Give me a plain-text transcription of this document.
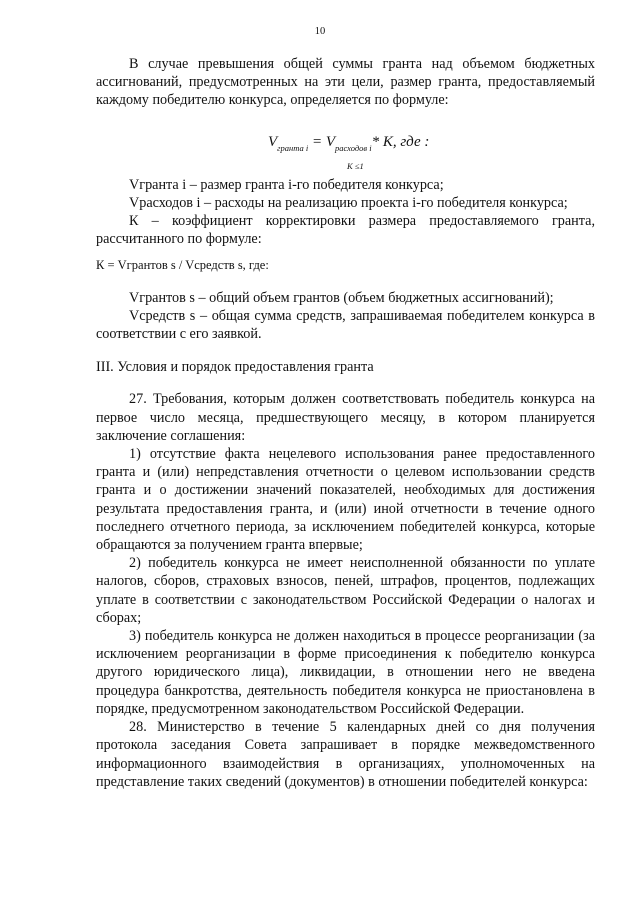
10

В случае превышения общей суммы гранта над объемом бюджетных ассигнований, предусмотренных на эти цели, размер гранта, предоставляемый каждому победителю конкурса, определяется по формуле:

$V_{гранта i} = V_{расходов i}*$ K, где :
K ≤1

Vгранта i – размер гранта i-го победителя конкурса;

Vрасходов i – расходы на реализацию проекта i-го победителя конкурса;

К – коэффициент корректировки размера предоставляемого гранта, рассчитанного по формуле:

К = Vгрантов s / Vсредств s, где:

Vгрантов s – общий объем грантов (объем бюджетных ассигнований);

Vсредств s – общая сумма средств, запрашиваемая победителем конкурса в соответствии с его заявкой.

III. Условия и порядок предоставления гранта

27. Требования, которым должен соответствовать победитель конкурса на первое число месяца, предшествующего месяцу, в котором планируется заключение соглашения:

1) отсутствие факта нецелевого использования ранее предоставленного гранта и (или) непредставления отчетности о целевом использовании средств гранта и о достижении значений показателей, необходимых для достижения результата предоставления гранта, и (или) иной отчетности в течение одного последнего отчетного периода, за исключением победителей конкурса, которые обращаются за получением гранта впервые;

2) победитель конкурса не имеет неисполненной обязанности по уплате налогов, сборов, страховых взносов, пеней, штрафов, процентов, подлежащих уплате в соответствии с законодательством Российской Федерации о налогах и сборах;

3) победитель конкурса не должен находиться в процессе реорганизации (за исключением реорганизации в форме присоединения к победителю конкурса другого юридического лица), ликвидации, в отношении него не введена процедура банкротства, деятельность победителя конкурса не приостановлена в порядке, предусмотренном законодательством Российской Федерации.

28. Министерство в течение 5 календарных дней со дня получения протокола заседания Совета запрашивает в порядке межведомственного информационного взаимодействия в организациях, уполномоченных на представление таких сведений (документов) в отношении победителей конкурса:
